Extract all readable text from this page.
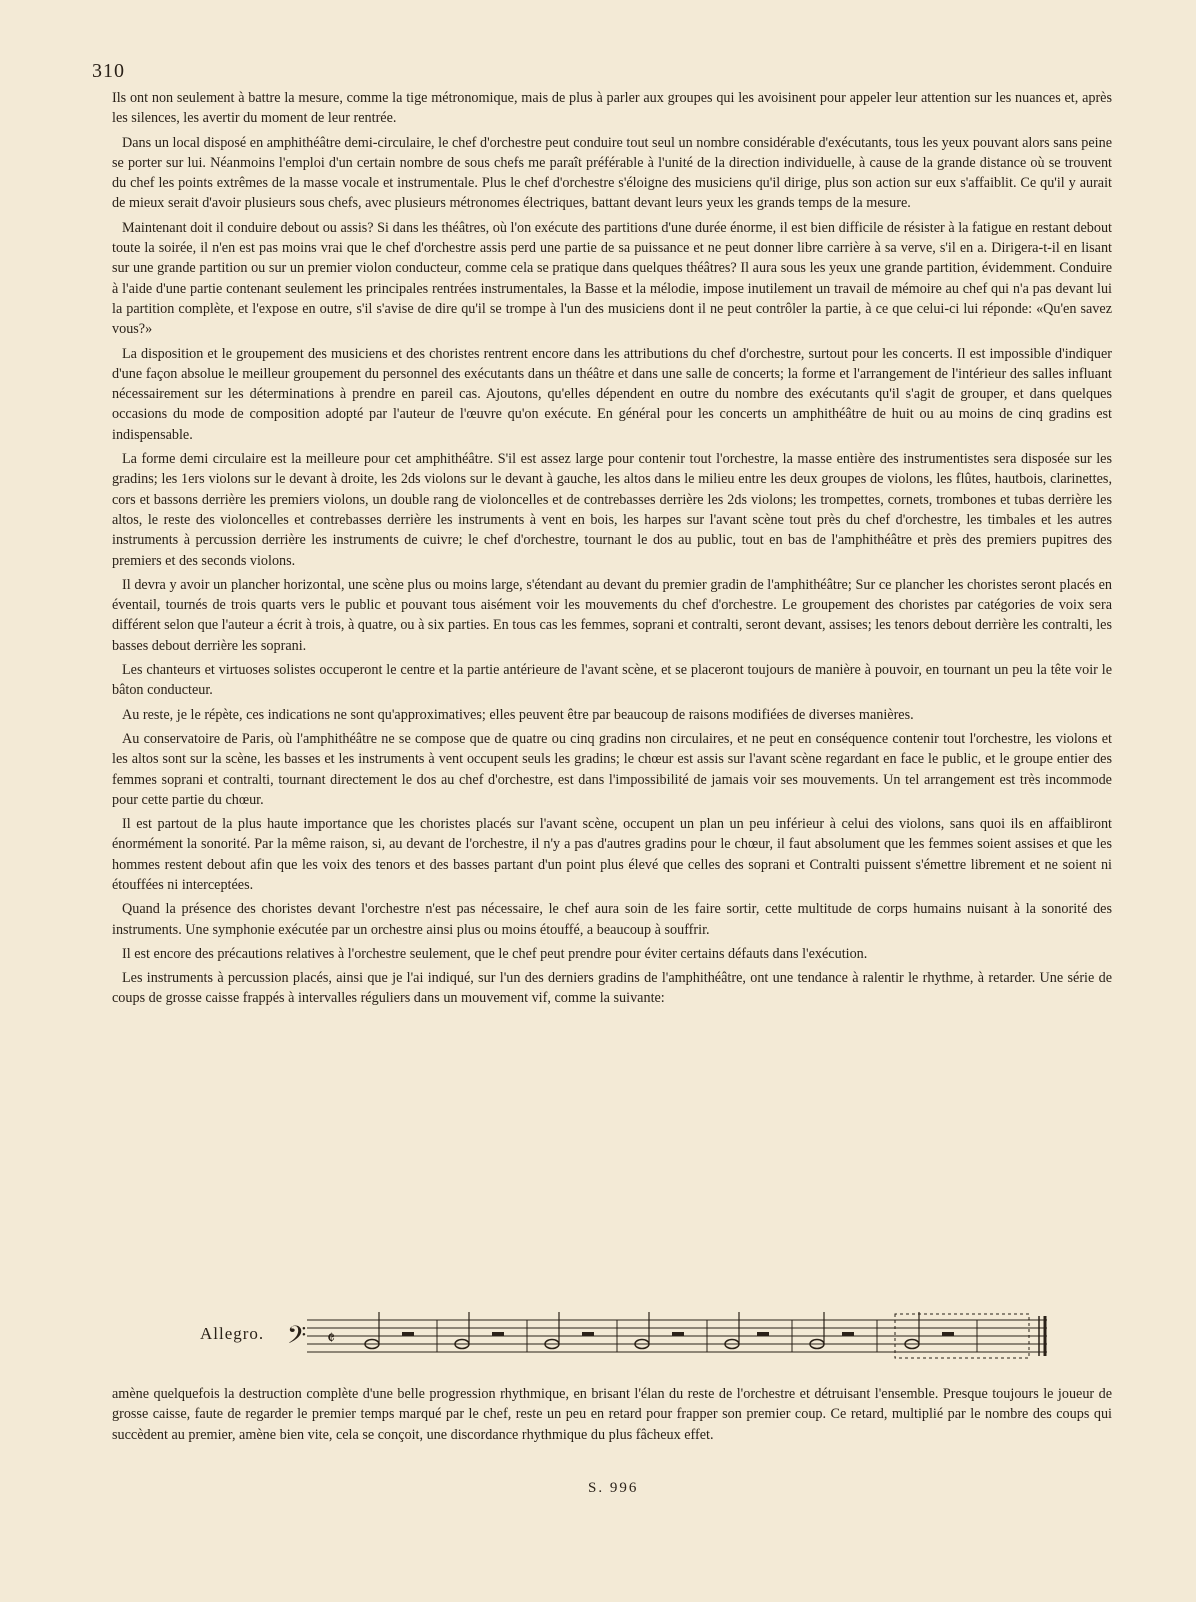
310

Ils ont non seulement à battre la mesure, comme la tige métronomique, mais de plus à parler aux groupes qui les avoisinent pour appeler leur attention sur les nuances et, après les silences, les avertir du moment de leur rentrée.

Dans un local disposé en amphithéâtre demi-circulaire, le chef d'orchestre peut conduire tout seul un nombre considérable d'exécutants, tous les yeux pouvant alors sans peine se porter sur lui. Néanmoins l'emploi d'un certain nombre de sous chefs me paraît préférable à l'unité de la direction individuelle, à cause de la grande distance où se trouvent du chef les points extrêmes de la masse vocale et instrumentale. Plus le chef d'orchestre s'éloigne des musiciens qu'il dirige, plus son action sur eux s'affaiblit. Ce qu'il y aurait de mieux serait d'avoir plusieurs sous chefs, avec plusieurs métronomes électriques, battant devant leurs yeux les grands temps de la mesure.

Maintenant doit il conduire debout ou assis? Si dans les théâtres, où l'on exécute des partitions d'une durée énorme, il est bien difficile de résister à la fatigue en restant debout toute la soirée, il n'en est pas moins vrai que le chef d'orchestre assis perd une partie de sa puissance et ne peut donner libre carrière à sa verve, s'il en a. Dirigera-t-il en lisant sur une grande partition ou sur un premier violon conducteur, comme cela se pratique dans quelques théâtres? Il aura sous les yeux une grande partition, évidemment. Conduire à l'aide d'une partie contenant seulement les principales rentrées instrumentales, la Basse et la mélodie, impose inutilement un travail de mémoire au chef qui n'a pas devant lui la partition complète, et l'expose en outre, s'il s'avise de dire qu'il se trompe à l'un des musiciens dont il ne peut contrôler la partie, à ce que celui-ci lui réponde: «Qu'en savez vous?»

La disposition et le groupement des musiciens et des choristes rentrent encore dans les attributions du chef d'orchestre, surtout pour les concerts. Il est impossible d'indiquer d'une façon absolue le meilleur groupement du personnel des exécutants dans un théâtre et dans une salle de concerts; la forme et l'arrangement de l'intérieur des salles influant nécessairement sur les déterminations à prendre en pareil cas. Ajoutons, qu'elles dépendent en outre du nombre des exécutants qu'il s'agit de grouper, et dans quelques occasions du mode de composition adopté par l'auteur de l'œuvre qu'on exécute. En général pour les concerts un amphithéâtre de huit ou au moins de cinq gradins est indispensable.

La forme demi circulaire est la meilleure pour cet amphithéâtre. S'il est assez large pour contenir tout l'orchestre, la masse entière des instrumentistes sera disposée sur les gradins; les 1ers violons sur le devant à droite, les 2ds violons sur le devant à gauche, les altos dans le milieu entre les deux groupes de violons, les flûtes, hautbois, clarinettes, cors et bassons derrière les premiers violons, un double rang de violoncelles et de contrebasses derrière les 2ds violons; les trompettes, cornets, trombones et tubas derrière les altos, le reste des violoncelles et contrebasses derrière les instruments à vent en bois, les harpes sur l'avant scène tout près du chef d'orchestre, les timbales et les autres instruments à percussion derrière les instruments de cuivre; le chef d'orchestre, tournant le dos au public, tout en bas de l'amphithéâtre et près des premiers pupitres des premiers et des seconds violons.

Il devra y avoir un plancher horizontal, une scène plus ou moins large, s'étendant au devant du premier gradin de l'amphithéâtre; Sur ce plancher les choristes seront placés en éventail, tournés de trois quarts vers le public et pouvant tous aisément voir les mouvements du chef d'orchestre. Le groupement des choristes par catégories de voix sera différent selon que l'auteur a écrit à trois, à quatre, ou à six parties. En tous cas les femmes, soprani et contralti, seront devant, assises; les tenors debout derrière les contralti, les basses debout derrière les soprani.

Les chanteurs et virtuoses solistes occuperont le centre et la partie antérieure de l'avant scène, et se placeront toujours de manière à pouvoir, en tournant un peu la tête voir le bâton conducteur.

Au reste, je le répète, ces indications ne sont qu'approximatives; elles peuvent être par beaucoup de raisons modifiées de diverses manières.

Au conservatoire de Paris, où l'amphithéâtre ne se compose que de quatre ou cinq gradins non circulaires, et ne peut en conséquence contenir tout l'orchestre, les violons et les altos sont sur la scène, les basses et les instruments à vent occupent seuls les gradins; le chœur est assis sur l'avant scène regardant en face le public, et le groupe entier des femmes soprani et contralti, tournant directement le dos au chef d'orchestre, est dans l'impossibilité de jamais voir ses mouvements. Un tel arrangement est très incommode pour cette partie du chœur.

Il est partout de la plus haute importance que les choristes placés sur l'avant scène, occupent un plan un peu inférieur à celui des violons, sans quoi ils en affaibliront énormément la sonorité. Par la même raison, si, au devant de l'orchestre, il n'y a pas d'autres gradins pour le chœur, il faut absolument que les femmes soient assises et que les hommes restent debout afin que les voix des tenors et des basses partant d'un point plus élevé que celles des soprani et Contralti puissent s'émettre librement et ne soient ni étouffées ni interceptées.

Quand la présence des choristes devant l'orchestre n'est pas nécessaire, le chef aura soin de les faire sortir, cette multitude de corps humains nuisant à la sonorité des instruments. Une symphonie exécutée par un orchestre ainsi plus ou moins étouffé, a beaucoup à souffrir.

Il est encore des précautions relatives à l'orchestre seulement, que le chef peut prendre pour éviter certains défauts dans l'exécution.

Les instruments à percussion placés, ainsi que je l'ai indiqué, sur l'un des derniers gradins de l'amphithéâtre, ont une tendance à ralentir le rhythme, à retarder. Une série de coups de grosse caisse frappés à intervalles réguliers dans un mouvement vif, comme la suivante:

Allegro. 𝄢 𝄵

amène quelquefois la destruction complète d'une belle progression rhythmique, en brisant l'élan du reste de l'orchestre et détruisant l'ensemble. Presque toujours le joueur de grosse caisse, faute de regarder le premier temps marqué par le chef, reste un peu en retard pour frapper son premier coup. Ce retard, multiplié par le nombre des coups qui succèdent au premier, amène bien vite, cela se conçoit, une discordance rhythmique du plus fâcheux effet.

S. 996
